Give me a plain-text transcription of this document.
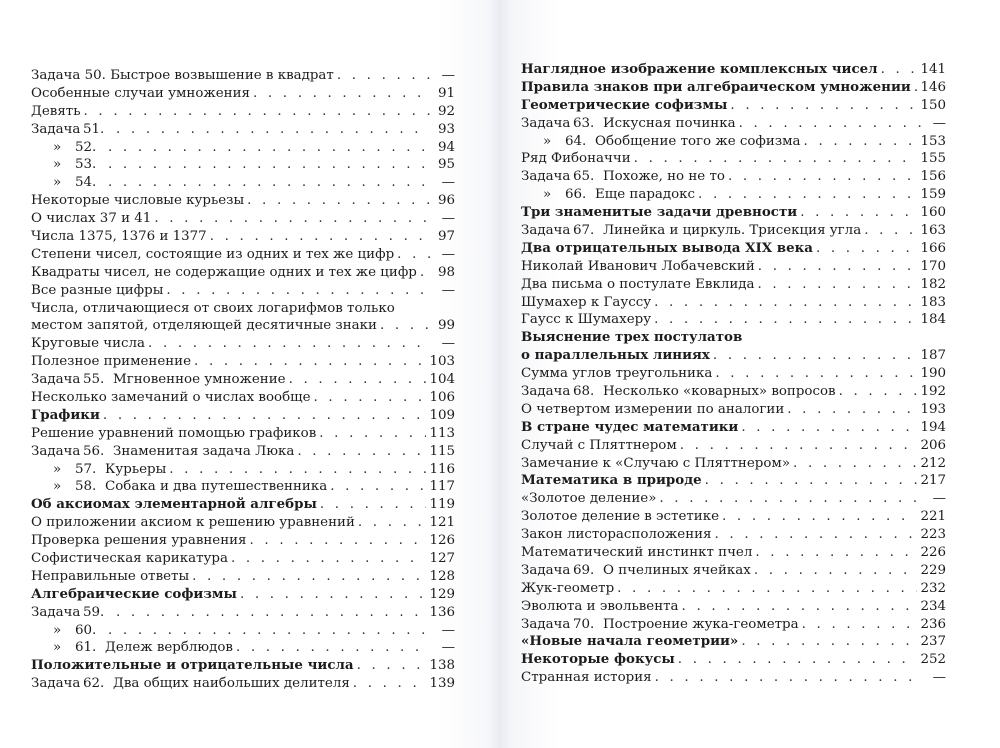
Задача 50. Быстрое возвышение в квадрат . . .	—
Особенные случаи умножения . . .	91
Девять . . .	92
Задача 51. . . .	93
»	52. . . .	94
»	53. . . .	95
»	54. . . .	—
Некоторые числовые курьезы . . .	96
О числах 37 и 41 . . .	—
Числа 1375, 1376 и 1377 . . .	97
Степени чисел, состоящие из одних и тех же цифр . . .	—
Квадраты чисел, не содержащие одних и тех же цифр . . .	98
Все разные цифры . . .	—
Числа, отличающиеся от своих логарифмов только
местом запятой, отделяющей десятичные знаки . . .	99
Круговые числа . . .	—
Полезное применение . . .	103
Задача 55. Мгновенное умножение . . .	104
Несколько замечаний о числах вообще . . .	106
Графики . . .	109
Решение уравнений помощью графиков . . .	113
Задача 56. Знаменитая задача Люка . . .	115
»	57. Курьеры . . .	116
»	58. Собака и два путешественника . . .	117
Об аксиомах элементарной алгебры . . .	119
О приложении аксиом к решению уравнений . . .	121
Проверка решения уравнения . . .	126
Софистическая карикатура . . .	127
Неправильные ответы . . .	128
Алгебраические софизмы . . .	129
Задача 59. . . .	136
»	60. . . .	—
»	61. Дележ верблюдов . . .	—
Положительные и отрицательные числа . . .	138
Задача 62. Два общих наибольших делителя . . .	139
Наглядное изображение комплексных чисел . . .	141
Правила знаков при алгебраическом умножении . . . 146
Геометрические софизмы . . .	150
Задача 63. Искусная починка . . .	—
»	64. Обобщение того же софизма . . .	153
Ряд Фибоначчи . . .	155
Задача 65. Похоже, но не то . . .	156
»	66. Еще парадокс . . .	159
Три знаменитые задачи древности . . .	160
Задача 67. Линейка и циркуль. Трисекция угла . . .	163
Два отрицательных вывода XIX века . . .	166
Николай Иванович Лобачевский . . .	170
Два письма о постулате Евклида . . .	182
Шумахер к Гауссу . . .	183
Гаусс к Шумахеру . . .	184
Выяснение трех постулатов
о параллельных линиях . . .	187
Сумма углов треугольника . . .	190
Задача 68. Несколько «коварных» вопросов . . .	192
О четвертом измерении по аналогии . . .	193
В стране чудес математики . . .	194
Случай с Пляттнером . . .	206
Замечание к «Случаю с Пляттнером» . . .	212
Математика в природе . . .	217
«Золотое деление» . . .	—
Золотое деление в эстетике . . .	221
Закон листорасположения . . .	223
Математический инстинкт пчел . . .	226
Задача 69. О пчелиных ячейках . . .	229
Жук-геометр . . .	232
Эволюта и эвольвента . . .	234
Задача 70. Построение жука-геометра . . .	236
«Новые начала геометрии» . . .	237
Некоторые фокусы . . .	252
Странная история . . .	—
